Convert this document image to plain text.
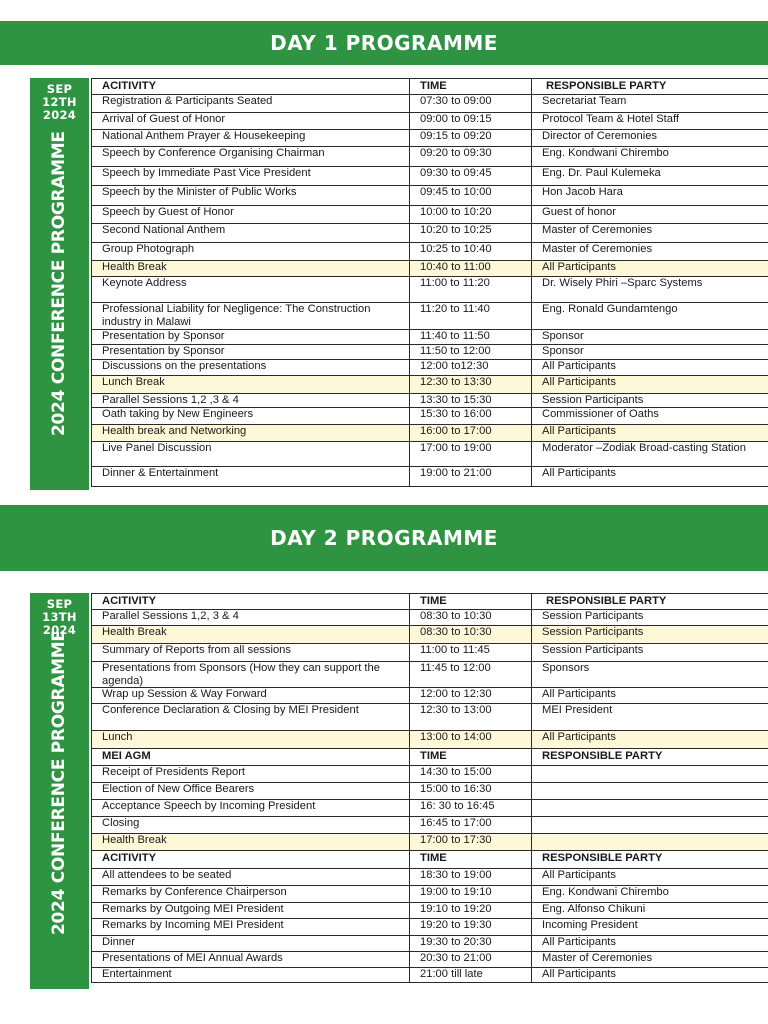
DAY 1 PROGRAMME
SEP
12TH
2024
2024 CONFERENCE PROGRAMME
ACITIVITY	TIME	RESPONSIBLE PARTY
Registration & Participants Seated	07:30 to 09:00	Secretariat Team
Arrival of Guest of Honor	09:00 to 09:15	Protocol Team & Hotel Staff
National Anthem Prayer & Housekeeping	09:15 to 09:20	Director of Ceremonies
Speech by Conference Organising Chairman	09:20 to 09:30	Eng. Kondwani Chirembo
Speech by Immediate Past Vice President	09:30 to 09:45	Eng. Dr. Paul Kulemeka
Speech by the Minister of Public Works	09:45 to 10:00	Hon Jacob Hara
Speech by Guest of Honor	10:00 to 10:20	Guest of honor
Second National Anthem	10:20 to 10:25	Master of Ceremonies
Group Photograph	10:25 to 10:40	Master of Ceremonies
Health Break	10:40 to 11:00	All Participants
Keynote Address	11:00 to 11:20	Dr. Wisely Phiri –Sparc Systems
Professional Liability for Negligence: The Construction industry in Malawi	11:20 to 11:40	Eng. Ronald Gundamtengo
Presentation by Sponsor	11:40 to 11:50	Sponsor
Presentation by Sponsor	11:50 to 12:00	Sponsor
Discussions on the presentations	12:00 to12:30	All Participants
Lunch Break	12:30 to 13:30	All Participants
Parallel Sessions 1,2 ,3 & 4	13:30 to 15:30	Session Participants
Oath taking by New Engineers	15:30 to 16:00	Commissioner of Oaths
Health break and Networking	16:00 to 17:00	All Participants
Live Panel Discussion	17:00 to 19:00	Moderator –Zodiak Broad-casting Station
Dinner & Entertainment	19:00 to 21:00	All Participants
DAY 2 PROGRAMME
SEP
13TH
2024
2024 CONFERENCE PROGRAMME
ACITIVITY	TIME	RESPONSIBLE PARTY
Parallel Sessions 1,2, 3 & 4	08:30 to 10:30	Session Participants
Health Break	08:30 to 10:30	Session Participants
Summary of Reports from all sessions	11:00 to 11:45	Session Participants
Presentations from Sponsors (How they can support the agenda)	11:45 to 12:00	Sponsors
Wrap up Session & Way Forward	12:00 to 12:30	All Participants
Conference Declaration & Closing by MEI President	12:30 to 13:00	MEI President
Lunch	13:00 to 14:00	All Participants
MEI AGM	TIME	RESPONSIBLE PARTY
Receipt of Presidents Report	14:30 to 15:00	
Election of New Office Bearers	15:00 to 16:30	
Acceptance Speech by Incoming President	16: 30 to 16:45	
Closing	16:45 to 17:00	
Health Break	17:00 to 17:30	
ACITIVITY	TIME	RESPONSIBLE PARTY
All attendees to be seated	18:30 to 19:00	All Participants
Remarks by Conference Chairperson	19:00 to 19:10	Eng. Kondwani Chirembo
Remarks by Outgoing MEI President	19:10 to 19:20	Eng. Alfonso Chikuni
Remarks by Incoming MEI President	19:20 to 19:30	Incoming President
Dinner	19:30 to 20:30	All Participants
Presentations of MEI Annual Awards	20:30 to 21:00	Master of Ceremonies
Entertainment	21:00 till late	All Participants
